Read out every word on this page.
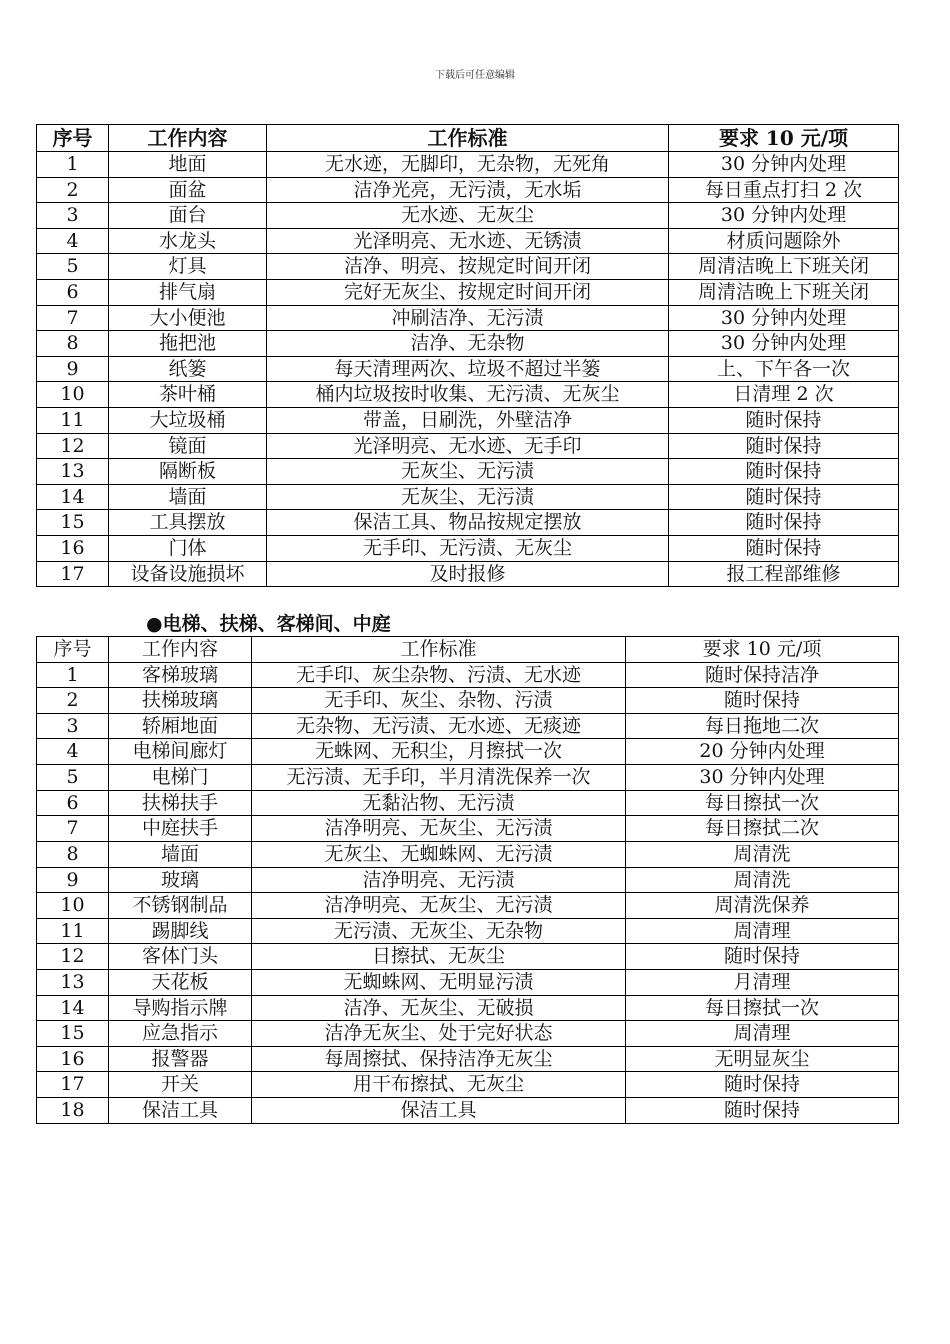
下载后可任意编辑
序号	工作内容	工作标准	要求 10 元/项
1	地面	无水迹，无脚印，无杂物，无死角	30 分钟内处理
2	面盆	洁净光亮，无污渍，无水垢	每日重点打扫 2 次
3	面台	无水迹、无灰尘	30 分钟内处理
4	水龙头	光泽明亮、无水迹、无锈渍	材质问题除外
5	灯具	洁净、明亮、按规定时间开闭	周清洁晚上下班关闭
6	排气扇	完好无灰尘、按规定时间开闭	周清洁晚上下班关闭
7	大小便池	冲刷洁净、无污渍	30 分钟内处理
8	拖把池	洁净、无杂物	30 分钟内处理
9	纸篓	每天清理两次、垃圾不超过半篓	上、下午各一次
10	茶叶桶	桶内垃圾按时收集、无污渍、无灰尘	日清理 2 次
11	大垃圾桶	带盖，日刷洗，外壁洁净	随时保持
12	镜面	光泽明亮、无水迹、无手印	随时保持
13	隔断板	无灰尘、无污渍	随时保持
14	墙面	无灰尘、无污渍	随时保持
15	工具摆放	保洁工具、物品按规定摆放	随时保持
16	门体	无手印、无污渍、无灰尘	随时保持
17	设备设施损坏	及时报修	报工程部维修
●电梯、扶梯、客梯间、中庭
序号	工作内容	工作标准	要求 10 元/项
1	客梯玻璃	无手印、灰尘杂物、污渍、无水迹	随时保持洁净
2	扶梯玻璃	无手印、灰尘、杂物、污渍	随时保持
3	轿厢地面	无杂物、无污渍、无水迹、无痰迹	每日拖地二次
4	电梯间廊灯	无蛛网、无积尘，月擦拭一次	20 分钟内处理
5	电梯门	无污渍、无手印，半月清洗保养一次	30 分钟内处理
6	扶梯扶手	无黏沾物、无污渍	每日擦拭一次
7	中庭扶手	洁净明亮、无灰尘、无污渍	每日擦拭二次
8	墙面	无灰尘、无蜘蛛网、无污渍	周清洗
9	玻璃	洁净明亮、无污渍	周清洗
10	不锈钢制品	洁净明亮、无灰尘、无污渍	周清洗保养
11	踢脚线	无污渍、无灰尘、无杂物	周清理
12	客体门头	日擦拭、无灰尘	随时保持
13	天花板	无蜘蛛网、无明显污渍	月清理
14	导购指示牌	洁净、无灰尘、无破损	每日擦拭一次
15	应急指示	洁净无灰尘、处于完好状态	周清理
16	报警器	每周擦拭、保持洁净无灰尘	无明显灰尘
17	开关	用干布擦拭、无灰尘	随时保持
18	保洁工具	保洁工具	随时保持
